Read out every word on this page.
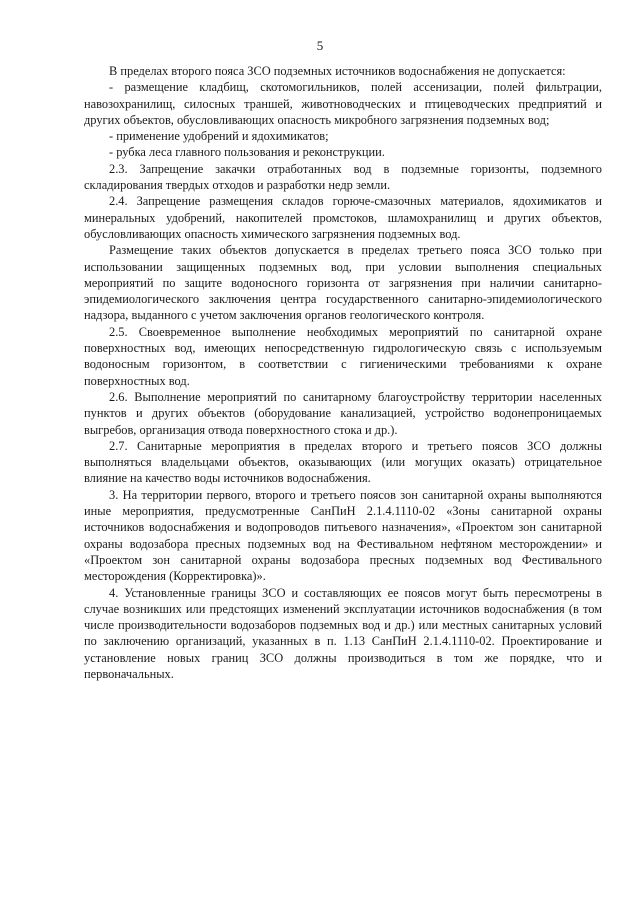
5

В пределах второго пояса ЗСО подземных источников водоснабжения не допускается:

- размещение кладбищ, скотомогильников, полей ассенизации, полей фильтрации, навозохранилищ, силосных траншей, животноводческих и птицеводческих предприятий и других объектов, обусловливающих опасность микробного загрязнения подземных вод;

- применение удобрений и ядохимикатов;

- рубка леса главного пользования и реконструкции.

2.3. Запрещение закачки отработанных вод в подземные горизонты, подземного складирования твердых отходов и разработки недр земли.

2.4. Запрещение размещения складов горюче-смазочных материалов, ядохимикатов и минеральных удобрений, накопителей промстоков, шламохранилищ и других объектов, обусловливающих опасность химического загрязнения подземных вод.

Размещение таких объектов допускается в пределах третьего пояса ЗСО только при использовании защищенных подземных вод, при условии выполнения специальных мероприятий по защите водоносного горизонта от загрязнения при наличии санитарно-эпидемиологического заключения центра государственного санитарно-эпидемиологического надзора, выданного с учетом заключения органов геологического контроля.

2.5. Своевременное выполнение необходимых мероприятий по санитарной охране поверхностных вод, имеющих непосредственную гидрологическую связь с используемым водоносным горизонтом, в соответствии с гигиеническими требованиями к охране поверхностных вод.

2.6. Выполнение мероприятий по санитарному благоустройству территории населенных пунктов и других объектов (оборудование канализацией, устройство водонепроницаемых выгребов, организация отвода поверхностного стока и др.).

2.7. Санитарные мероприятия в пределах второго и третьего поясов ЗСО должны выполняться владельцами объектов, оказывающих (или могущих оказать) отрицательное влияние на качество воды источников водоснабжения.

3. На территории первого, второго и третьего поясов зон санитарной охраны выполняются иные мероприятия, предусмотренные СанПиН 2.1.4.1110-02 «Зоны санитарной охраны источников водоснабжения и водопроводов питьевого назначения», «Проектом зон санитарной охраны водозабора пресных подземных вод на Фестивальном нефтяном месторождении» и «Проектом зон санитарной охраны водозабора пресных подземных вод Фестивального месторождения (Корректировка)».

4. Установленные границы ЗСО и составляющих ее поясов могут быть пересмотрены в случае возникших или предстоящих изменений эксплуатации источников водоснабжения (в том числе производительности водозаборов подземных вод и др.) или местных санитарных условий по заключению организаций, указанных в п. 1.13 СанПиН 2.1.4.1110-02. Проектирование и установление новых границ ЗСО должны производиться в том же порядке, что и первоначальных.
